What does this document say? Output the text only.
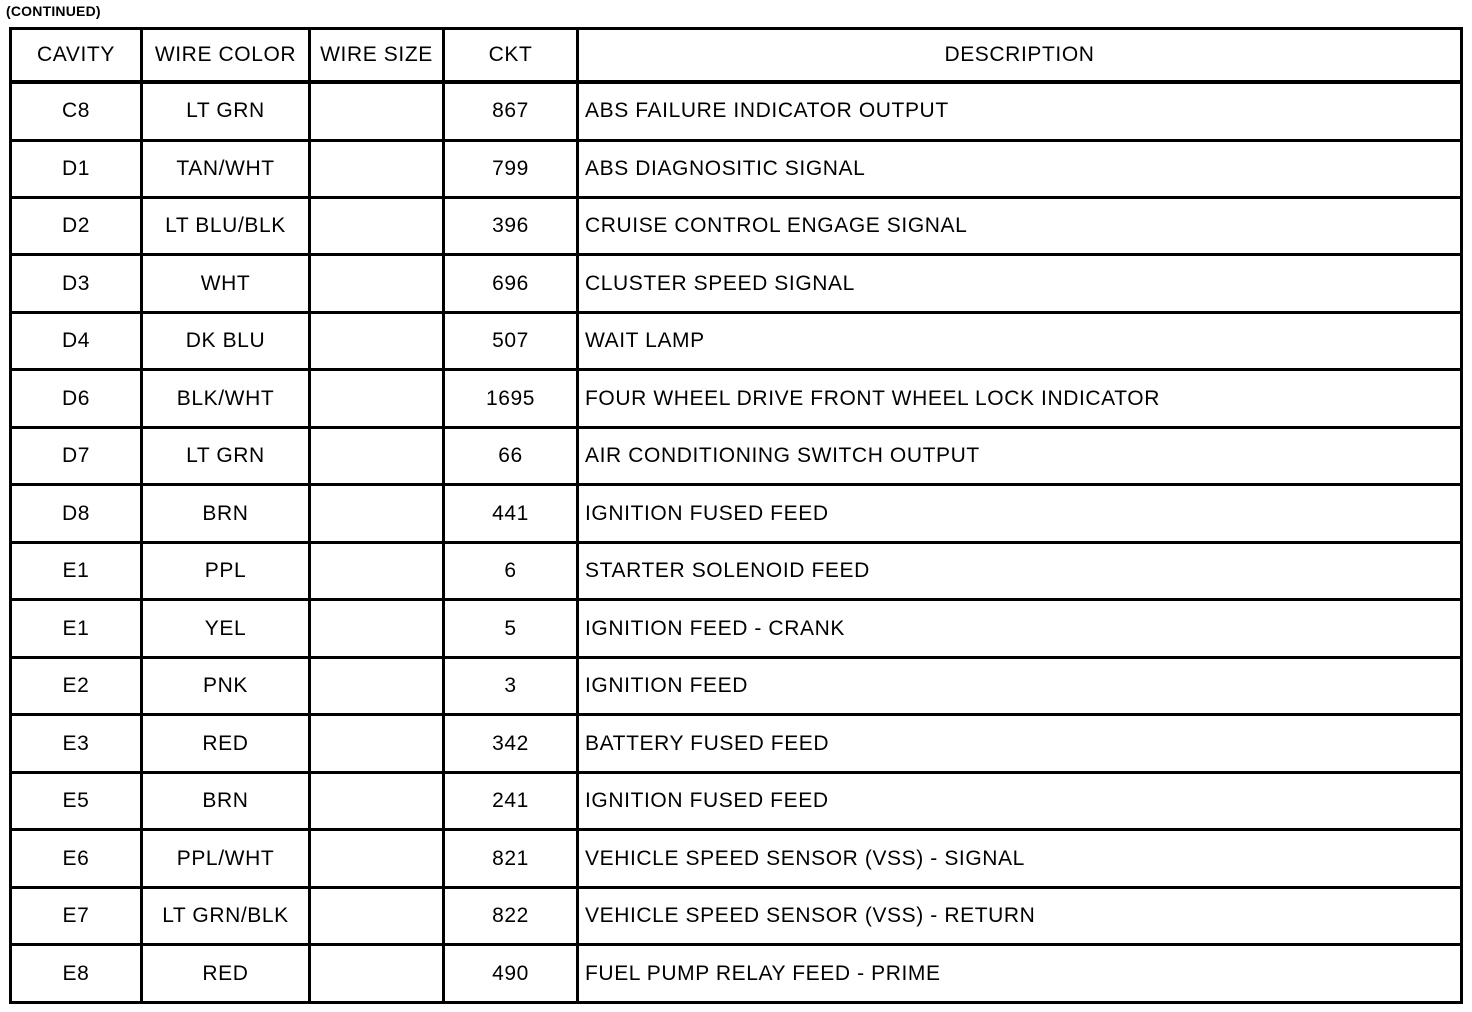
(CONTINUED)
CAVITY	WIRE COLOR	WIRE SIZE	CKT	DESCRIPTION
C8	LT GRN		867	ABS FAILURE INDICATOR OUTPUT
D1	TAN/WHT		799	ABS DIAGNOSITIC SIGNAL
D2	LT BLU/BLK		396	CRUISE CONTROL ENGAGE SIGNAL
D3	WHT		696	CLUSTER SPEED SIGNAL
D4	DK BLU		507	WAIT LAMP
D6	BLK/WHT		1695	FOUR WHEEL DRIVE FRONT WHEEL LOCK INDICATOR
D7	LT GRN		66	AIR CONDITIONING SWITCH OUTPUT
D8	BRN		441	IGNITION FUSED FEED
E1	PPL		6	STARTER SOLENOID FEED
E1	YEL		5	IGNITION FEED - CRANK
E2	PNK		3	IGNITION FEED
E3	RED		342	BATTERY FUSED FEED
E5	BRN		241	IGNITION FUSED FEED
E6	PPL/WHT		821	VEHICLE SPEED SENSOR (VSS) - SIGNAL
E7	LT GRN/BLK		822	VEHICLE SPEED SENSOR (VSS) - RETURN
E8	RED		490	FUEL PUMP RELAY FEED - PRIME
